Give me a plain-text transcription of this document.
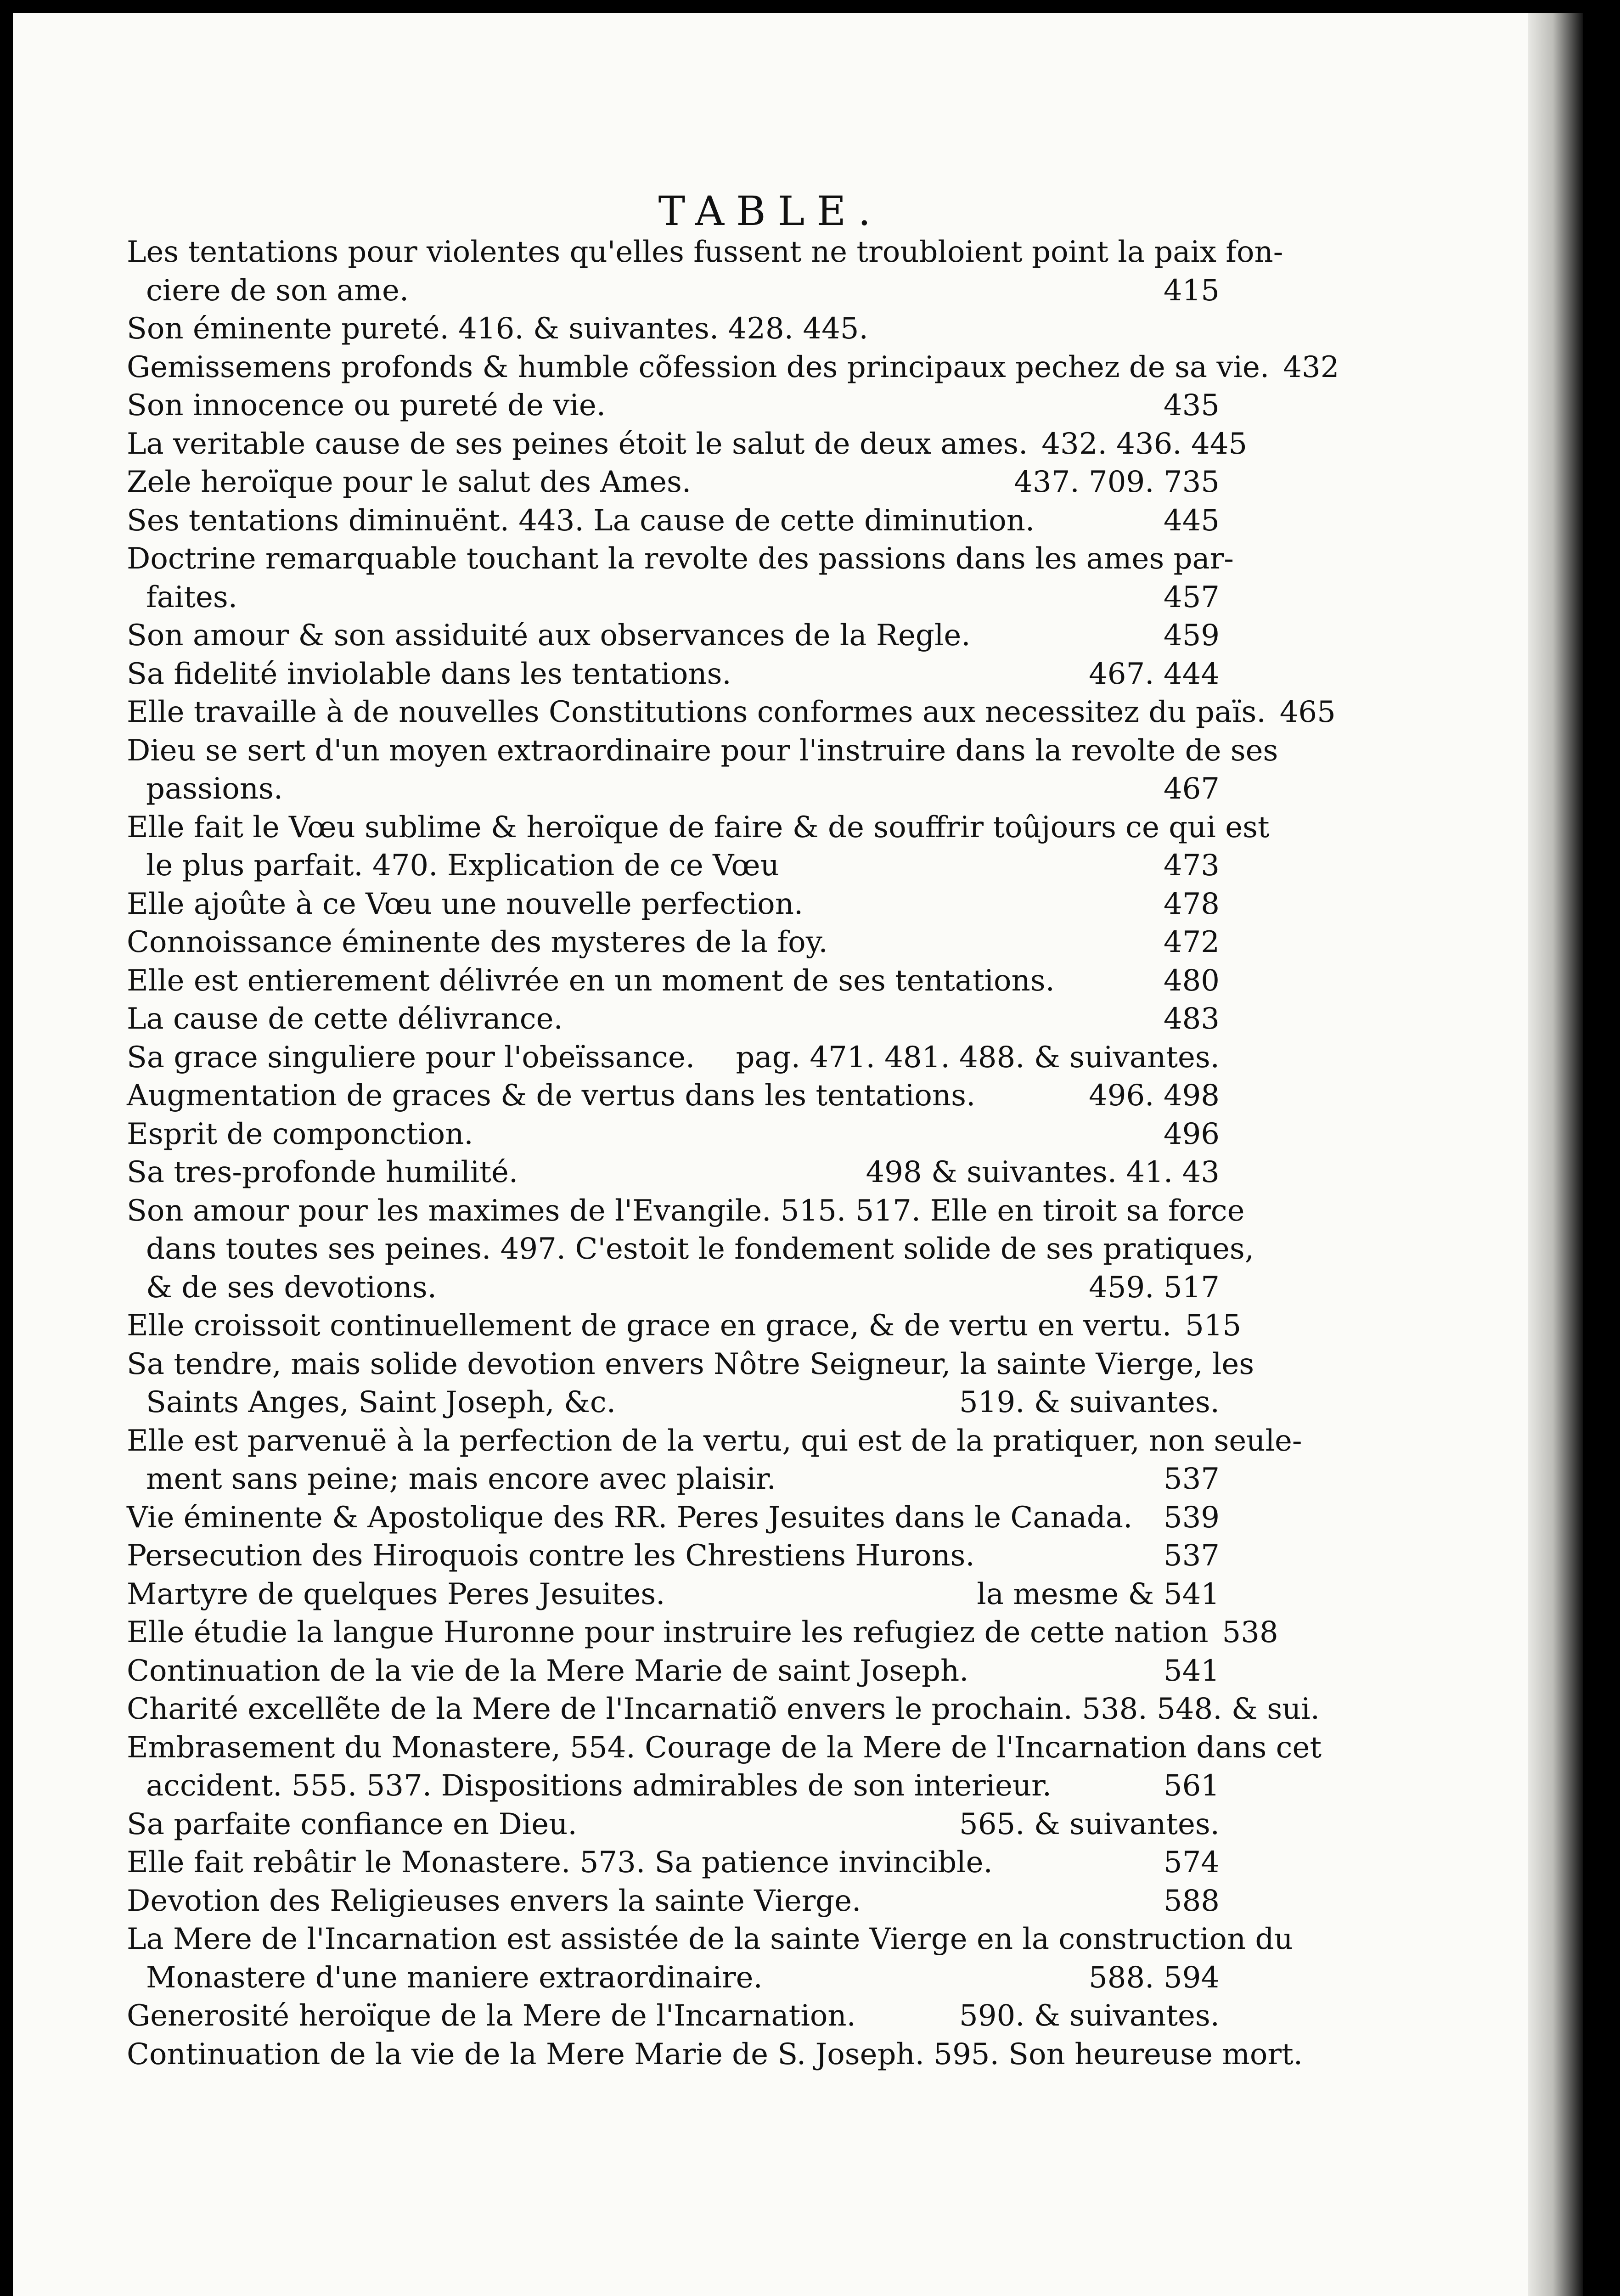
TABLE.
Les tentations pour violentes qu'elles fussent ne troubloient point la paix fon-
ciere de son ame.	415
Son éminente pureté. 416. & suivantes. 428. 445.
Gemissemens profonds & humble cõfession des principaux pechez de sa vie. 432
Son innocence ou pureté de vie.	435
La veritable cause de ses peines étoit le salut de deux ames. 432. 436. 445
Zele heroïque pour le salut des Ames.	437. 709. 735
Ses tentations diminuënt. 443. La cause de cette diminution.	445
Doctrine remarquable touchant la revolte des passions dans les ames par-
faites.	457
Son amour & son assiduité aux observances de la Regle.	459
Sa fidelité inviolable dans les tentations.	467. 444
Elle travaille à de nouvelles Constitutions conformes aux necessitez du païs. 465
Dieu se sert d'un moyen extraordinaire pour l'instruire dans la revolte de ses
passions.	467
Elle fait le Vœu sublime & heroïque de faire & de souffrir toûjours ce qui est
le plus parfait. 470. Explication de ce Vœu	473
Elle ajoûte à ce Vœu une nouvelle perfection.	478
Connoissance éminente des mysteres de la foy.	472
Elle est entierement délivrée en un moment de ses tentations.	480
La cause de cette délivrance.	483
Sa grace singuliere pour l'obeïssance.	pag. 471. 481. 488. & suivantes.
Augmentation de graces & de vertus dans les tentations.	496. 498
Esprit de componction.	496
Sa tres-profonde humilité.	498 & suivantes. 41. 43
Son amour pour les maximes de l'Evangile. 515. 517. Elle en tiroit sa force
dans toutes ses peines. 497. C'estoit le fondement solide de ses pratiques,
& de ses devotions.	459. 517
Elle croissoit continuellement de grace en grace, & de vertu en vertu. 515
Sa tendre, mais solide devotion envers Nôtre Seigneur, la sainte Vierge, les
Saints Anges, Saint Joseph, &c.	519. & suivantes.
Elle est parvenuë à la perfection de la vertu, qui est de la pratiquer, non seule-
ment sans peine; mais encore avec plaisir.	537
Vie éminente & Apostolique des RR. Peres Jesuites dans le Canada.	539
Persecution des Hiroquois contre les Chrestiens Hurons.	537
Martyre de quelques Peres Jesuites.	la mesme & 541
Elle étudie la langue Huronne pour instruire les refugiez de cette nation 538
Continuation de la vie de la Mere Marie de saint Joseph.	541
Charité excellẽte de la Mere de l'Incarnatiõ envers le prochain. 538. 548. & sui.
Embrasement du Monastere, 554. Courage de la Mere de l'Incarnation dans cet
accident. 555. 537. Dispositions admirables de son interieur.	561
Sa parfaite confiance en Dieu.	565. & suivantes.
Elle fait rebâtir le Monastere. 573. Sa patience invincible.	574
Devotion des Religieuses envers la sainte Vierge.	588
La Mere de l'Incarnation est assistée de la sainte Vierge en la construction du
Monastere d'une maniere extraordinaire.	588. 594
Generosité heroïque de la Mere de l'Incarnation.	590. & suivantes.
Continuation de la vie de la Mere Marie de S. Joseph. 595. Son heureuse mort.
